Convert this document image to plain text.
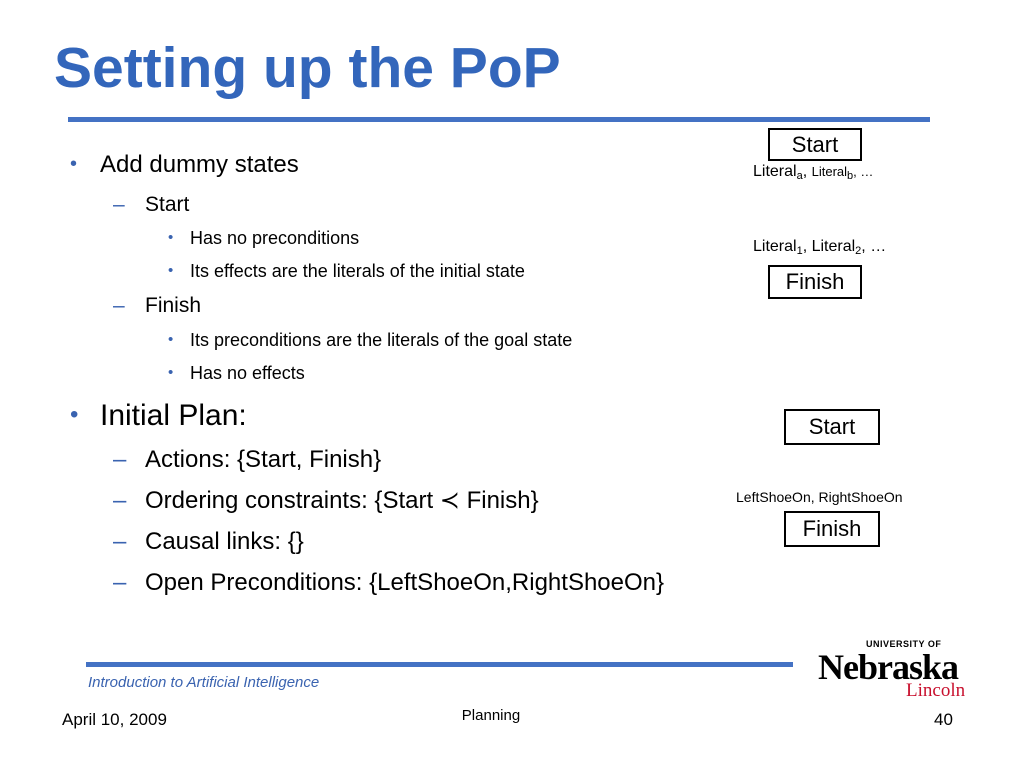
Setting up the PoP
• Add dummy states
– Start
• Has no preconditions
• Its effects are the literals of the initial state
– Finish
• Its preconditions are the literals of the goal state
• Has no effects
• Initial Plan:
– Actions: {Start, Finish}
– Ordering constraints: {Start ≺ Finish}
– Causal links: {}
– Open Preconditions: {LeftShoeOn,RightShoeOn}
Start
Literal$_a$, Literal$_b$, …
Literal$_1$, Literal$_2$, …
Finish
Start
LeftShoeOn, RightShoeOn
Finish
Introduction to Artificial Intelligence
April 10, 2009	Planning	40
UNIVERSITY OF
Nebraska
Lincoln
